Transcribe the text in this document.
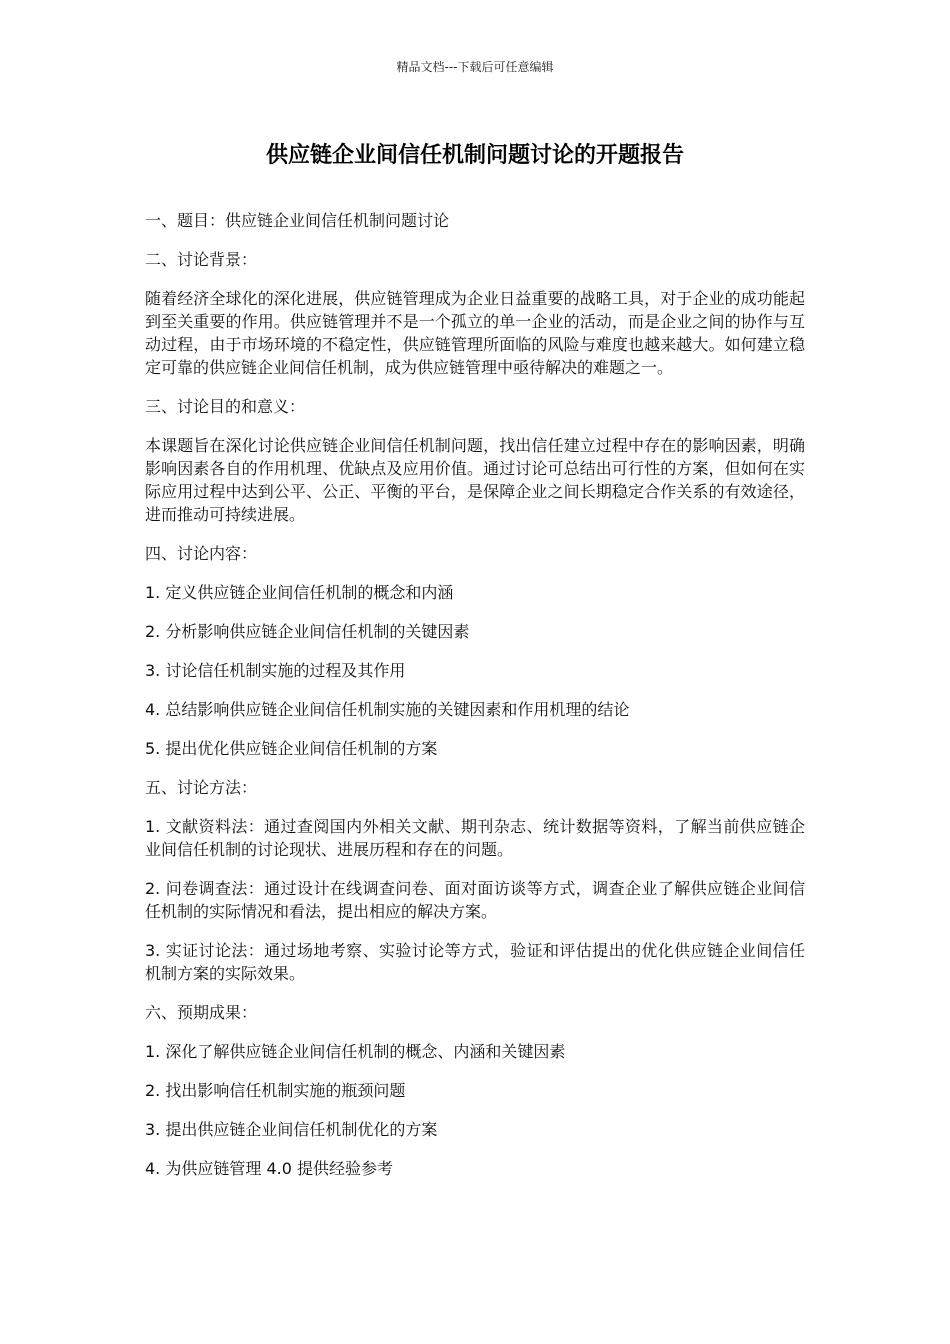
精品文档---下载后可任意编辑
供应链企业间信任机制问题讨论的开题报告

一、题目：供应链企业间信任机制问题讨论

二、讨论背景：

随着经济全球化的深化进展，供应链管理成为企业日益重要的战略工具，对于企业的成功能起到至关重要的作用。供应链管理并不是一个孤立的单一企业的活动，而是企业之间的协作与互动过程，由于市场环境的不稳定性，供应链管理所面临的风险与难度也越来越大。如何建立稳定可靠的供应链企业间信任机制，成为供应链管理中亟待解决的难题之一。

三、讨论目的和意义：

本课题旨在深化讨论供应链企业间信任机制问题，找出信任建立过程中存在的影响因素，明确影响因素各自的作用机理、优缺点及应用价值。通过讨论可总结出可行性的方案，但如何在实际应用过程中达到公平、公正、平衡的平台，是保障企业之间长期稳定合作关系的有效途径，进而推动可持续进展。

四、讨论内容：

1. 定义供应链企业间信任机制的概念和内涵

2. 分析影响供应链企业间信任机制的关键因素

3. 讨论信任机制实施的过程及其作用

4. 总结影响供应链企业间信任机制实施的关键因素和作用机理的结论

5. 提出优化供应链企业间信任机制的方案

五、讨论方法：

1. 文献资料法：通过查阅国内外相关文献、期刊杂志、统计数据等资料，了解当前供应链企业间信任机制的讨论现状、进展历程和存在的问题。

2. 问卷调查法：通过设计在线调查问卷、面对面访谈等方式，调查企业了解供应链企业间信任机制的实际情况和看法，提出相应的解决方案。

3. 实证讨论法：通过场地考察、实验讨论等方式，验证和评估提出的优化供应链企业间信任机制方案的实际效果。

六、预期成果：

1. 深化了解供应链企业间信任机制的概念、内涵和关键因素

2. 找出影响信任机制实施的瓶颈问题

3. 提出供应链企业间信任机制优化的方案

4. 为供应链管理 4.0 提供经验参考
